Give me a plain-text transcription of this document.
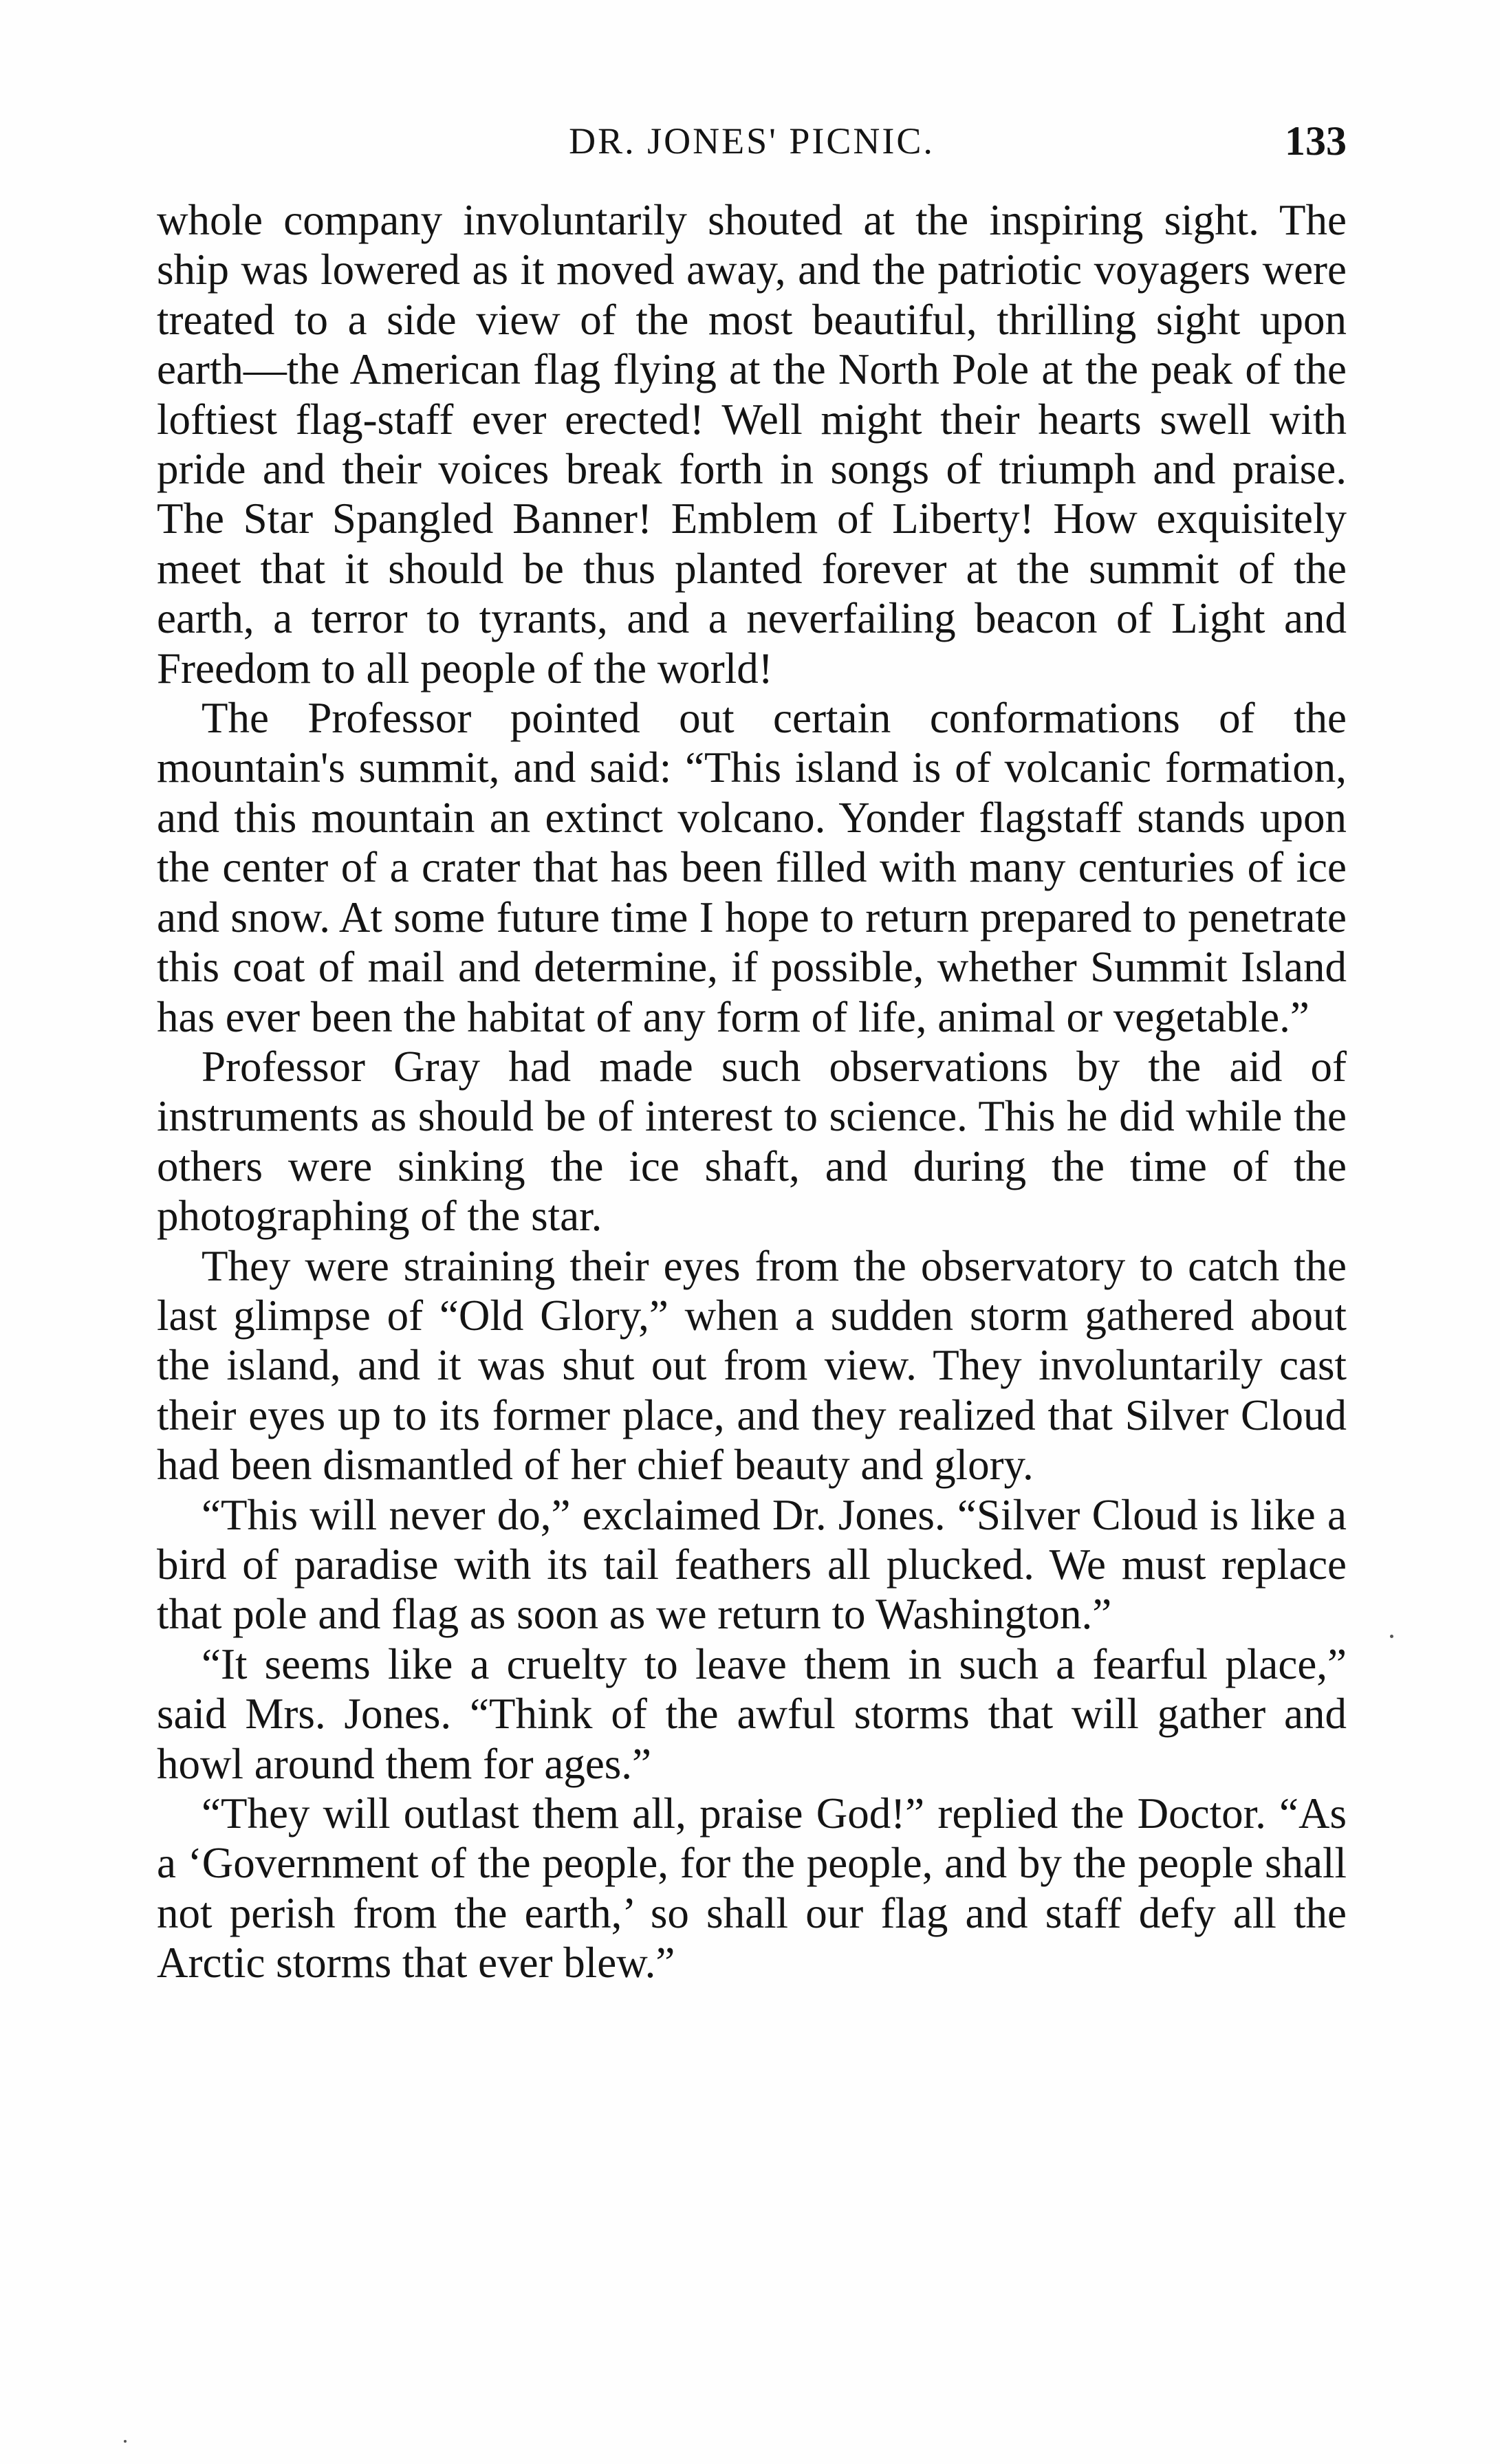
DR. JONES' PICNIC.	133

whole company involuntarily shouted at the inspiring sight. The ship was lowered as it moved away, and the patriotic voyagers were treated to a side view of the most beautiful, thrilling sight upon earth—the American flag flying at the North Pole at the peak of the loftiest flag-staff ever erected! Well might their hearts swell with pride and their voices break forth in songs of triumph and praise. The Star Spangled Banner! Emblem of Liberty! How exquisitely meet that it should be thus planted forever at the summit of the earth, a terror to tyrants, and a neverfailing beacon of Light and Freedom to all people of the world!

The Professor pointed out certain conformations of the mountain's summit, and said: “This island is of volcanic formation, and this mountain an extinct volcano. Yonder flagstaff stands upon the center of a crater that has been filled with many centuries of ice and snow. At some future time I hope to return prepared to penetrate this coat of mail and determine, if possible, whether Summit Island has ever been the habitat of any form of life, animal or vegetable.”

Professor Gray had made such observations by the aid of instruments as should be of interest to science. This he did while the others were sinking the ice shaft, and during the time of the photographing of the star.

They were straining their eyes from the observatory to catch the last glimpse of “Old Glory,” when a sudden storm gathered about the island, and it was shut out from view. They involuntarily cast their eyes up to its former place, and they realized that Silver Cloud had been dismantled of her chief beauty and glory.

“This will never do,” exclaimed Dr. Jones. “Silver Cloud is like a bird of paradise with its tail feathers all plucked. We must replace that pole and flag as soon as we return to Washington.”

“It seems like a cruelty to leave them in such a fearful place,” said Mrs. Jones. “Think of the awful storms that will gather and howl around them for ages.”

“They will outlast them all, praise God!” replied the Doctor. “As a ‘Government of the people, for the people, and by the people shall not perish from the earth,’ so shall our flag and staff defy all the Arctic storms that ever blew.”
